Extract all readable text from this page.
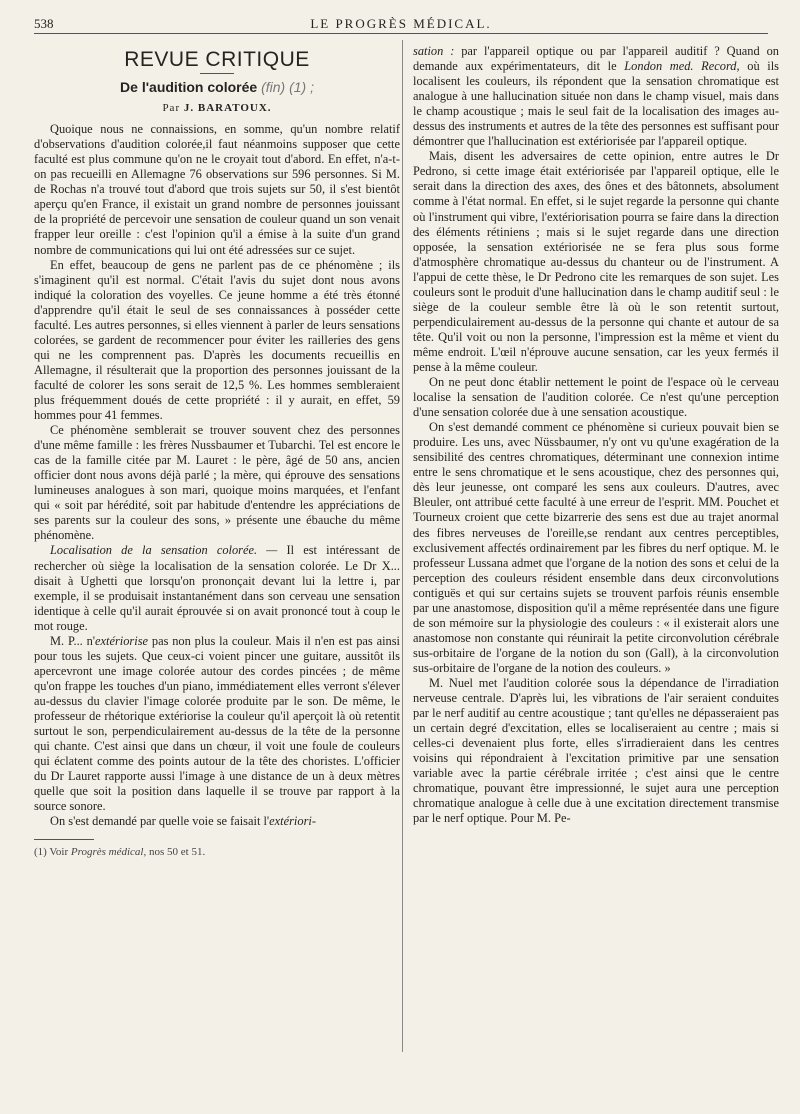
538	LE PROGRÈS MÉDICAL.
REVUE CRITIQUE
De l'audition colorée (fin) (1) ;
Par J. BARATOUX.

Quoique nous ne connaissions, en somme, qu'un nombre relatif d'observations d'audition colorée,il faut néanmoins supposer que cette faculté est plus commune qu'on ne le croyait tout d'abord. En effet, n'a-t-on pas recueilli en Allemagne 76 observations sur 596 personnes. Si M. de Rochas n'a trouvé tout d'abord que trois sujets sur 50, il s'est bientôt aperçu qu'en France, il existait un grand nombre de personnes jouissant de la propriété de percevoir une sensation de couleur quand un son venait frapper leur oreille : c'est l'opinion qu'il a émise à la suite d'un grand nombre de communications qui lui ont été adressées sur ce sujet.

En effet, beaucoup de gens ne parlent pas de ce phénomène ; ils s'imaginent qu'il est normal. C'était l'avis du sujet dont nous avons indiqué la coloration des voyelles. Ce jeune homme a été très étonné d'apprendre qu'il était le seul de ses connaissances à posséder cette faculté. Les autres personnes, si elles viennent à parler de leurs sensations colorées, se gardent de recommencer pour éviter les railleries des gens qui ne les comprennent pas. D'après les documents recueillis en Allemagne, il résulterait que la proportion des personnes jouissant de la faculté de colorer les sons serait de 12,5 %. Les hommes sembleraient plus fréquemment doués de cette propriété : il y aurait, en effet, 59 hommes pour 41 femmes.

Ce phénomène semblerait se trouver souvent chez des personnes d'une même famille : les frères Nussbaumer et Tubarchi. Tel est encore le cas de la famille citée par M. Lauret : le père, âgé de 50 ans, ancien officier dont nous avons déjà parlé ; la mère, qui éprouve des sensations lumineuses analogues à son mari, quoique moins marquées, et l'enfant qui « soit par hérédité, soit par habitude d'entendre les appréciations de ses parents sur la couleur des sons, » présente une ébauche du même phénomène.

Localisation de la sensation colorée. — Il est intéressant de rechercher où siège la localisation de la sensation colorée. Le Dr X... disait à Ughetti que lorsqu'on prononçait devant lui la lettre i, par exemple, il se produisait instantanément dans son cerveau une sensation identique à celle qu'il aurait éprouvée si on avait prononcé tout à coup le mot rouge.

M. P... n'extériorise pas non plus la couleur. Mais il n'en est pas ainsi pour tous les sujets. Que ceux-ci voient pincer une guitare, aussitôt ils apercevront une image colorée autour des cordes pincées ; de même qu'on frappe les touches d'un piano, immédiatement elles verront s'élever au-dessus du clavier l'image colorée produite par le son. De même, le professeur de rhétorique extériorise la couleur qu'il aperçoit là où retentit surtout le son, perpendiculairement au-dessus de la tête de la personne qui chante. C'est ainsi que dans un chœur, il voit une foule de couleurs qui éclatent comme des points autour de la tête des choristes. L'officier du Dr Lauret rapporte aussi l'image à une distance de un à deux mètres quelle que soit la position dans laquelle il se trouve par rapport à la source sonore.

On s'est demandé par quelle voie se faisait l'extériori-

(1) Voir Progrès médical, nos 50 et 51.

sation : par l'appareil optique ou par l'appareil auditif ? Quand on demande aux expérimentateurs, dit le London med. Record, où ils localisent les couleurs, ils répondent que la sensation chromatique est analogue à une hallucination située non dans le champ visuel, mais dans le champ acoustique ; mais le seul fait de la localisation des images au-dessus des instruments et autres de la tête des personnes est suffisant pour démontrer que l'hallucination est extériorisée par l'appareil optique.

Mais, disent les adversaires de cette opinion, entre autres le Dr Pedrono, si cette image était extériorisée par l'appareil optique, elle le serait dans la direction des axes, des ônes et des bâtonnets, absolument comme à l'état normal. En effet, si le sujet regarde la personne qui chante où l'instrument qui vibre, l'extériorisation pourra se faire dans la direction des éléments rétiniens ; mais si le sujet regarde dans une direction opposée, la sensation extériorisée ne se fera plus sous forme d'atmosphère chromatique au-dessus du chanteur ou de l'instrument. A l'appui de cette thèse, le Dr Pedrono cite les remarques de son sujet. Les couleurs sont le produit d'une hallucination dans le champ auditif seul : le siège de la couleur semble être là où le son retentit surtout, perpendiculairement au-dessus de la personne qui chante et autour de sa tête. Qu'il voit ou non la personne, l'impression est la même et vient du même endroit. L'œil n'éprouve aucune sensation, car les yeux fermés il pense à la même couleur.

On ne peut donc établir nettement le point de l'espace où le cerveau localise la sensation de l'audition colorée. Ce n'est qu'une perception d'une sensation colorée due à une sensation acoustique.

On s'est demandé comment ce phénomène si curieux pouvait bien se produire. Les uns, avec Nüssbaumer, n'y ont vu qu'une exagération de la sensibilité des centres chromatiques, déterminant une connexion intime entre le sens chromatique et le sens acoustique, chez des personnes qui, dès leur jeunesse, ont comparé les sens aux couleurs. D'autres, avec Bleuler, ont attribué cette faculté à une erreur de l'esprit. MM. Pouchet et Tourneux croient que cette bizarrerie des sens est due au trajet anormal des fibres nerveuses de l'oreille,se rendant aux centres perceptibles, exclusivement affectés ordinairement par les fibres du nerf optique. M. le professeur Lussana admet que l'organe de la notion des sons et celui de la perception des couleurs résident ensemble dans deux circonvolutions contiguës et qui sur certains sujets se trouvent parfois réunis ensemble par une anastomose, disposition qu'il a même représentée dans une figure de son mémoire sur la physiologie des couleurs : « il existerait alors une anastomose non constante qui réunirait la petite circonvolution cérébrale sus-orbitaire de l'organe de la notion du son (Gall), à la circonvolution sus-orbitaire de l'organe de la notion des couleurs. »

M. Nuel met l'audition colorée sous la dépendance de l'irradiation nerveuse centrale. D'après lui, les vibrations de l'air seraient conduites par le nerf auditif au centre acoustique ; tant qu'elles ne dépasseraient pas un certain degré d'excitation, elles se localiseraient au centre ; mais si celles-ci devenaient plus forte, elles s'irradieraient dans les centres voisins qui répondraient à l'excitation primitive par une sensation variable avec la partie cérébrale irritée ; c'est ainsi que le centre chromatique, pouvant être impressionné, le sujet aura une perception chromatique analogue à celle due à une excitation directement transmise par le nerf optique. Pour M. Pe-
